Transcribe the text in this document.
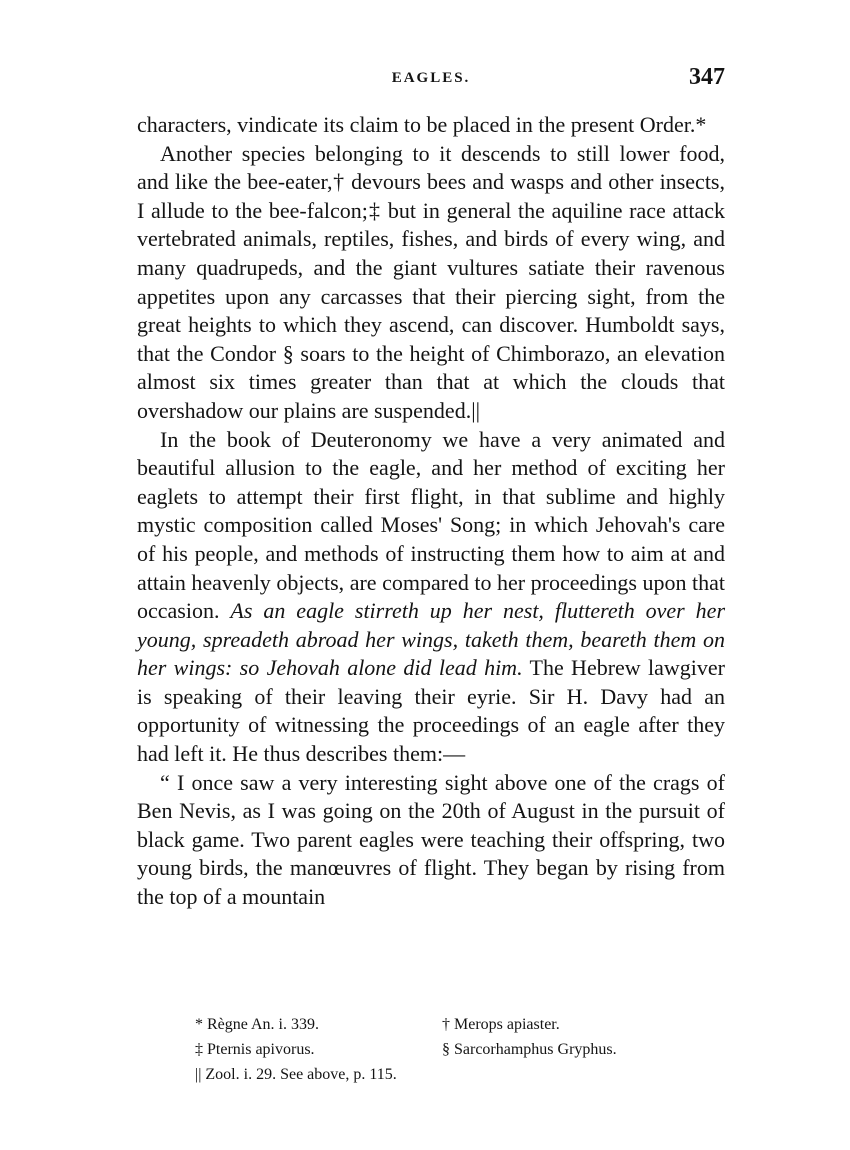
EAGLES.	347

characters, vindicate its claim to be placed in the present Order.*

Another species belonging to it descends to still lower food, and like the bee-eater,† devours bees and wasps and other insects, I allude to the bee-falcon;‡ but in general the aquiline race attack vertebrated animals, reptiles, fishes, and birds of every wing, and many quadrupeds, and the giant vultures satiate their ravenous appetites upon any carcasses that their piercing sight, from the great heights to which they ascend, can discover. Humboldt says, that the Condor § soars to the height of Chimborazo, an elevation almost six times greater than that at which the clouds that overshadow our plains are suspended.||

In the book of Deuteronomy we have a very animated and beautiful allusion to the eagle, and her method of exciting her eaglets to attempt their first flight, in that sublime and highly mystic composition called Moses' Song; in which Jehovah's care of his people, and methods of instructing them how to aim at and attain heavenly objects, are compared to her proceedings upon that occasion. As an eagle stirreth up her nest, fluttereth over her young, spreadeth abroad her wings, taketh them, beareth them on her wings: so Jehovah alone did lead him. The Hebrew lawgiver is speaking of their leaving their eyrie. Sir H. Davy had an opportunity of witnessing the proceedings of an eagle after they had left it. He thus describes them:—

“ I once saw a very interesting sight above one of the crags of Ben Nevis, as I was going on the 20th of August in the pursuit of black game. Two parent eagles were teaching their offspring, two young birds, the manœuvres of flight. They began by rising from the top of a mountain

* Règne An. i. 339.	† Merops apiaster.
‡ Pternis apivorus.	§ Sarcorhamphus Gryphus.
|| Zool. i. 29. See above, p. 115.
